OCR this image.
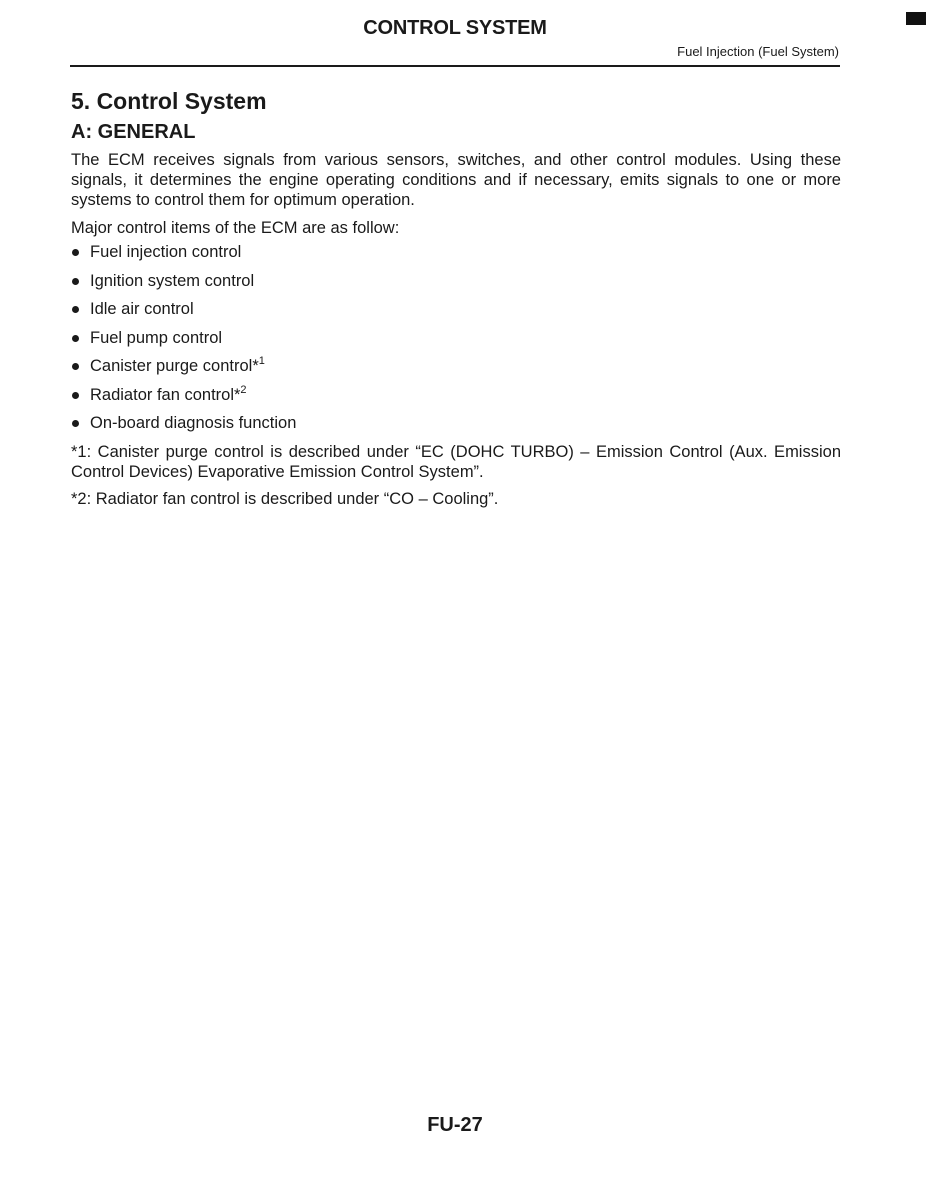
CONTROL SYSTEM
Fuel Injection (Fuel System)
5. Control System
A: GENERAL

The ECM receives signals from various sensors, switches, and other control modules. Using these signals, it determines the engine operating conditions and if necessary, emits signals to one or more systems to control them for optimum operation.

Major control items of the ECM are as follow:

Fuel injection control
Ignition system control
Idle air control
Fuel pump control
Canister purge control*$^1$
Radiator fan control*$^2$
On-board diagnosis function

*1: Canister purge control is described under “EC (DOHC TURBO) – Emission Control (Aux. Emission Control Devices) Evaporative Emission Control System”.

*2: Radiator fan control is described under “CO – Cooling”.

FU-27
